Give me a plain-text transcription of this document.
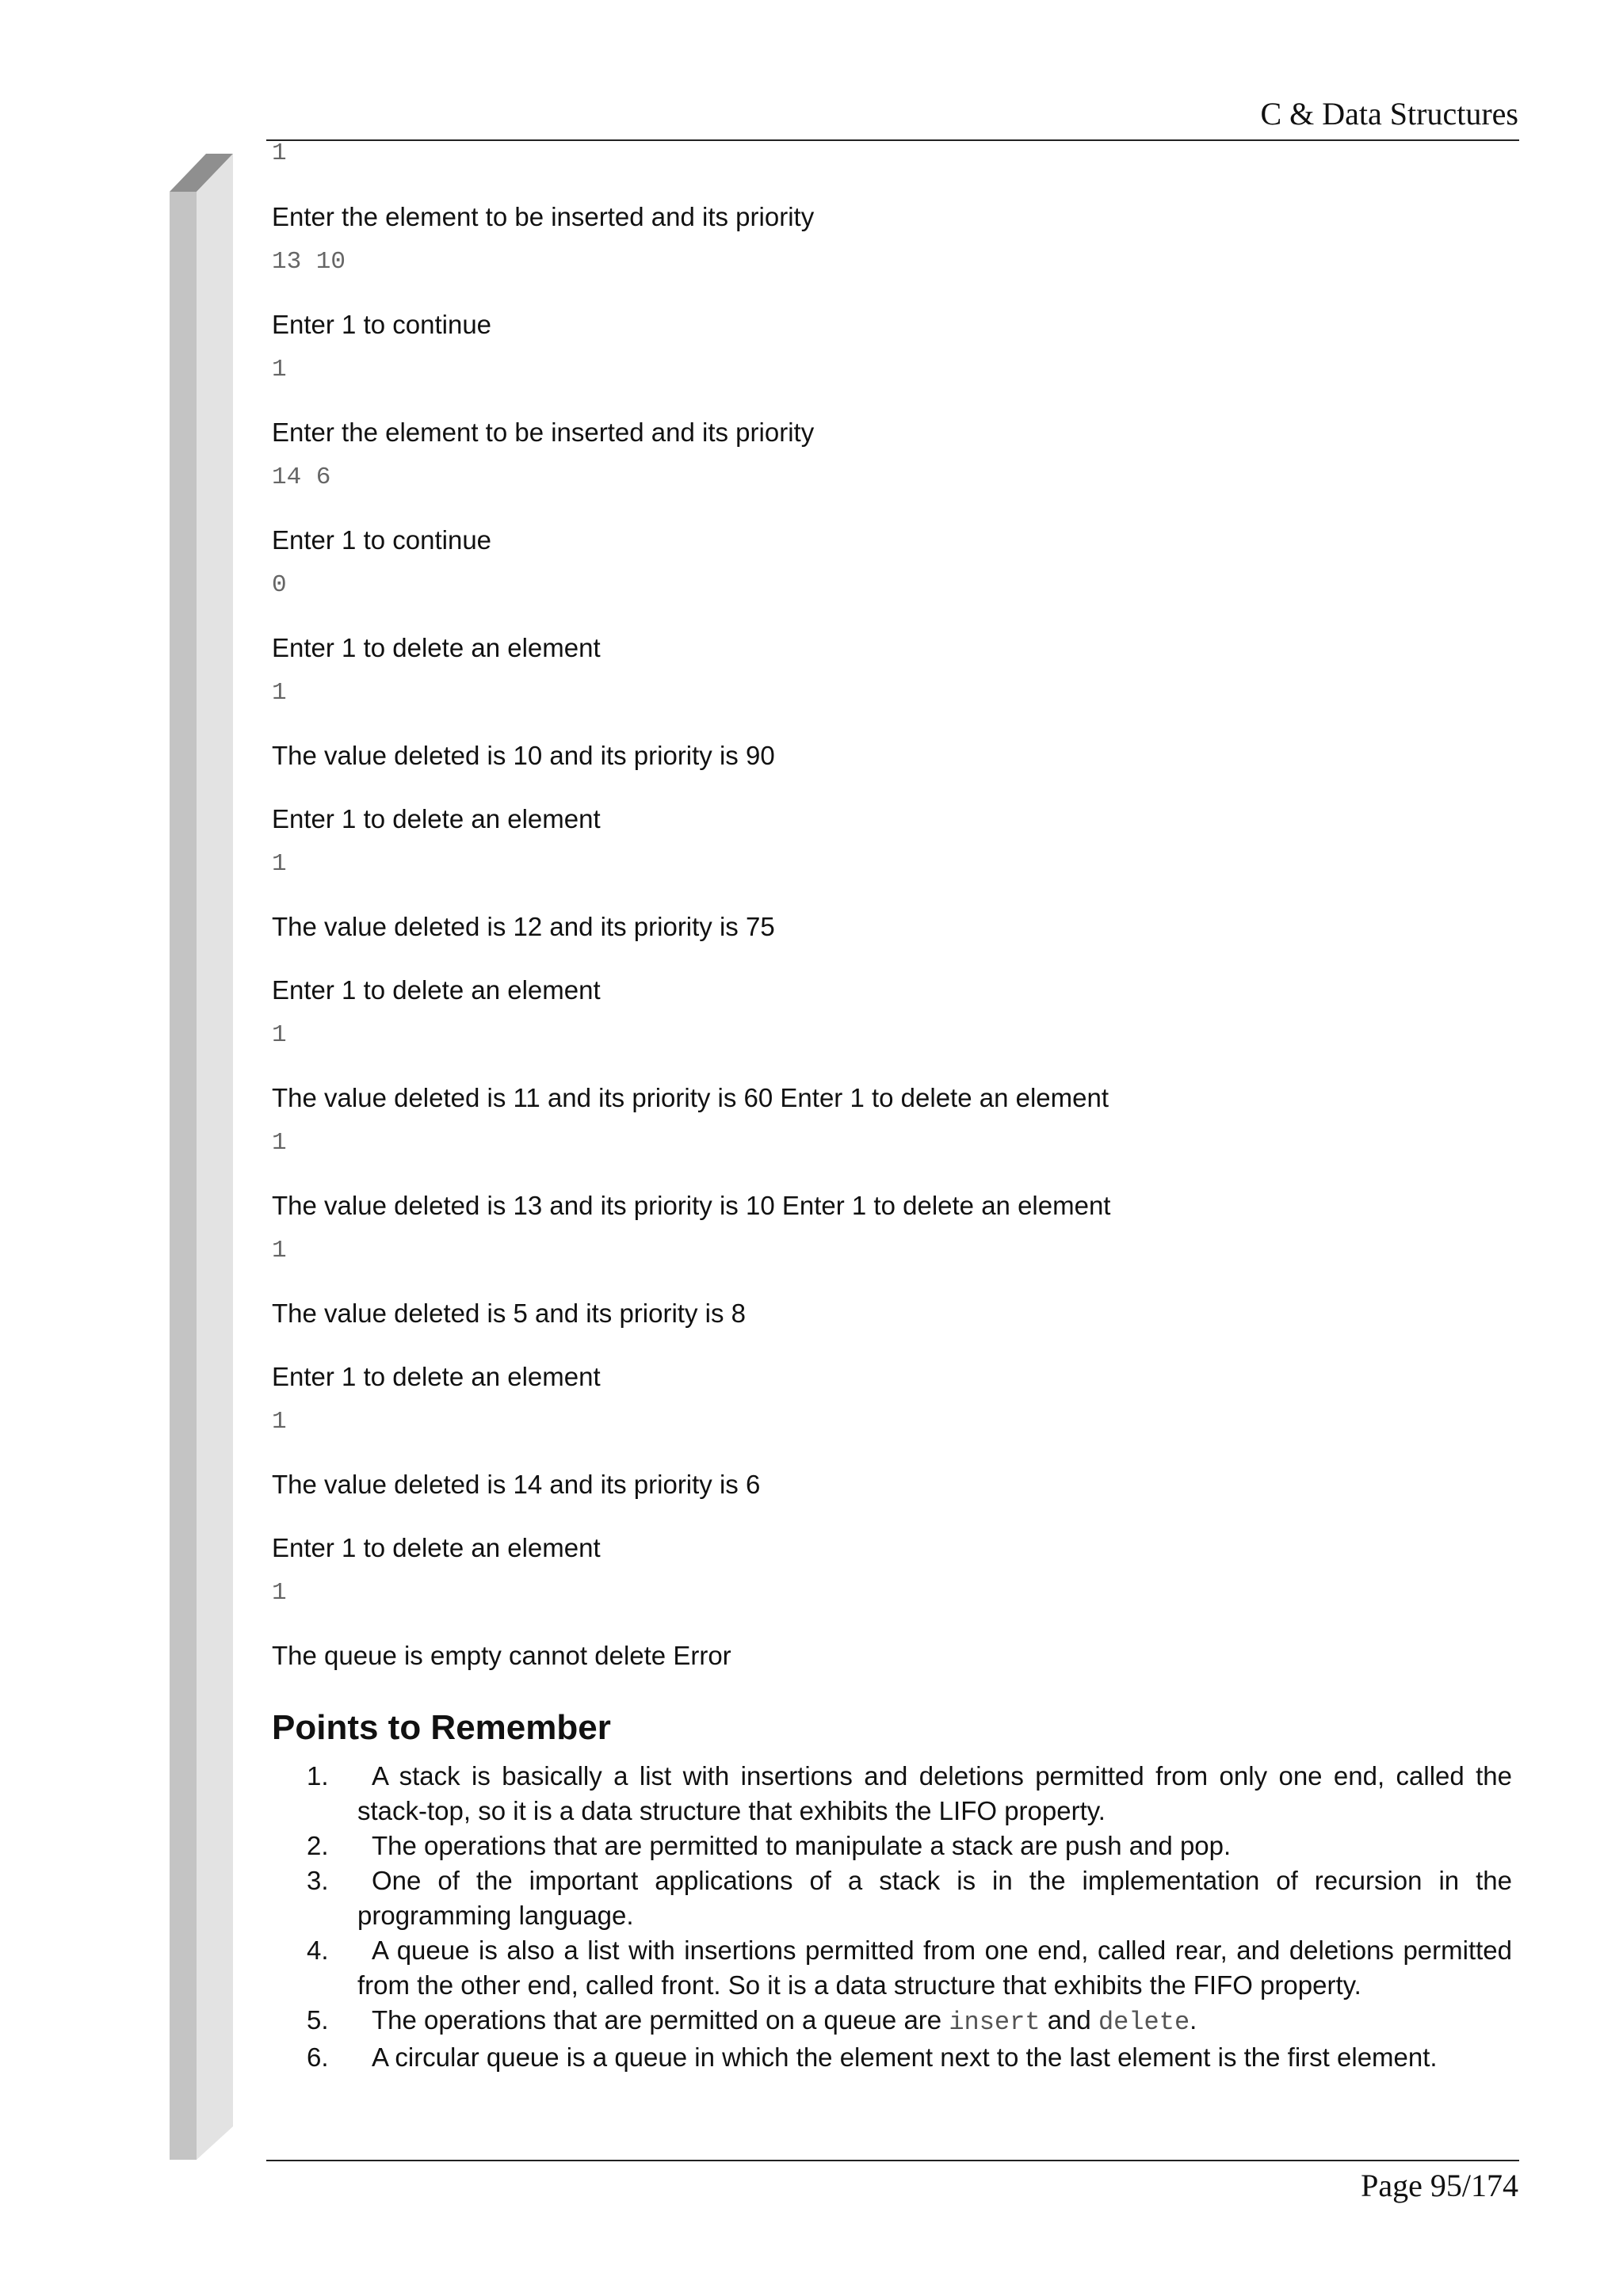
C & Data Structures
1
Enter the element to be inserted and its priority
13 10
Enter 1 to continue
1
Enter the element to be inserted and its priority
14 6
Enter 1 to continue
0
Enter 1 to delete an element
1
The value deleted is 10 and its priority is 90
Enter 1 to delete an element
1
The value deleted is 12 and its priority is 75
Enter 1 to delete an element
1
The value deleted is 11 and its priority is 60 Enter 1 to delete an element
1
The value deleted is 13 and its priority is 10 Enter 1 to delete an element
1
The value deleted is 5 and its priority is 8
Enter 1 to delete an element
1
The value deleted is 14 and its priority is 6
Enter 1 to delete an element
1
The queue is empty cannot delete Error
Points to Remember
1.	A stack is basically a list with insertions and deletions permitted from only one end, called the stack-top, so it is a data structure that exhibits the LIFO property.
2.	The operations that are permitted to manipulate a stack are push and pop.
3.	One of the important applications of a stack is in the implementation of recursion in the programming language.
4.	A queue is also a list with insertions permitted from one end, called rear, and deletions permitted from the other end, called front. So it is a data structure that exhibits the FIFO property.
5.	The operations that are permitted on a queue are insert and delete.
6.	A circular queue is a queue in which the element next to the last element is the first element.
Page 95/174
